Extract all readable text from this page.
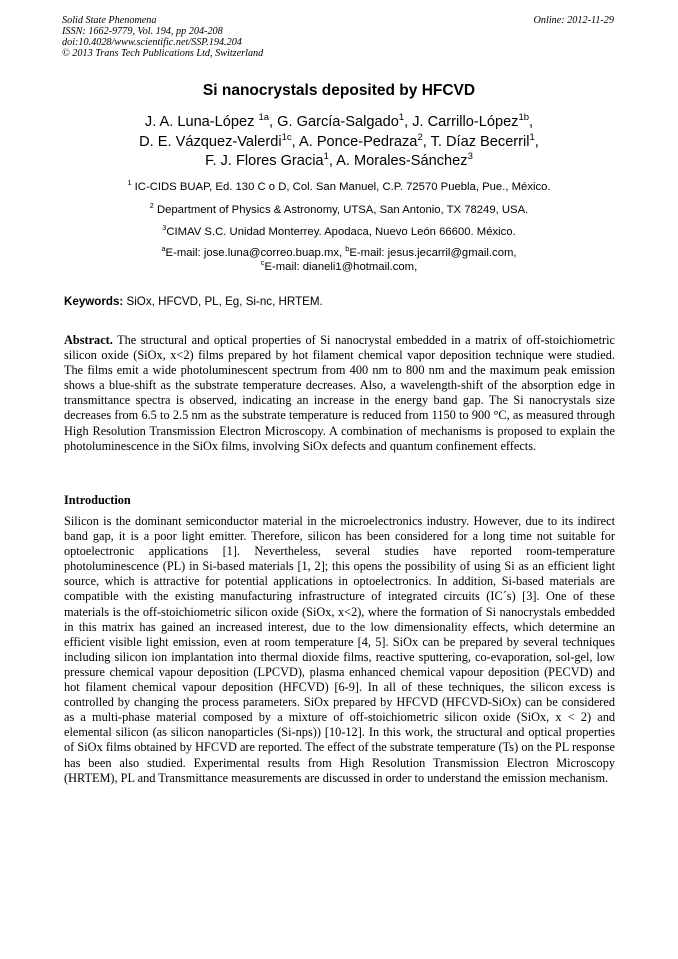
Solid State Phenomena
ISSN: 1662-9779, Vol. 194, pp 204-208
doi:10.4028/www.scientific.net/SSP.194.204
© 2013 Trans Tech Publications Ltd, Switzerland
Online: 2012-11-29
Si nanocrystals deposited by HFCVD
J. A. Luna-López $^{1a}$, G. García-Salgado$^1$, J. Carrillo-López$^{1b}$,
D. E. Vázquez-Valerdi$^{1c}$, A. Ponce-Pedraza$^2$, T. Díaz Becerril$^1$,
F. J. Flores Gracia$^1$, A. Morales-Sánchez$^3$
$^1$ IC-CIDS BUAP, Ed. 130 C o D, Col. San Manuel, C.P. 72570 Puebla, Pue., México.
$^2$ Department of Physics & Astronomy, UTSA, San Antonio, TX 78249, USA.
$^3$CIMAV S.C. Unidad Monterrey. Apodaca, Nuevo León 66600. México.
$^a$E-mail: jose.luna@correo.buap.mx, $^b$E-mail: jesus.jecarril@gmail.com,
$^c$E-mail: dianeli1@hotmail.com,
Keywords: SiOx, HFCVD, PL, Eg, Si-nc, HRTEM.
Abstract. The structural and optical properties of Si nanocrystal embedded in a matrix of off-stoichiometric silicon oxide (SiOx, x<2) films prepared by hot filament chemical vapor deposition technique were studied. The films emit a wide photoluminescent spectrum from 400 nm to 800 nm and the maximum peak emission shows a blue-shift as the substrate temperature decreases. Also, a wavelength-shift of the absorption edge in transmittance spectra is observed, indicating an increase in the energy band gap. The Si nanocrystals size decreases from 6.5 to 2.5 nm as the substrate temperature is reduced from 1150 to 900 °C, as measured through High Resolution Transmission Electron Microscopy. A combination of mechanisms is proposed to explain the photoluminescence in the SiOx films, involving SiOx defects and quantum confinement effects.
Introduction
Silicon is the dominant semiconductor material in the microelectronics industry. However, due to its indirect band gap, it is a poor light emitter. Therefore, silicon has been considered for a long time not suitable for optoelectronic applications [1]. Nevertheless, several studies have reported room-temperature photoluminescence (PL) in Si-based materials [1, 2]; this opens the possibility of using Si as an efficient light source, which is attractive for potential applications in optoelectronics. In addition, Si-based materials are compatible with the existing manufacturing infrastructure of integrated circuits (IC´s) [3]. One of these materials is the off-stoichiometric silicon oxide (SiOx, x<2), where the formation of Si nanocrystals embedded in this matrix has gained an increased interest, due to the low dimensionality effects, which determine an efficient visible light emission, even at room temperature [4, 5]. SiOx can be prepared by several techniques including silicon ion implantation into thermal dioxide films, reactive sputtering, co-evaporation, sol-gel, low pressure chemical vapour deposition (LPCVD), plasma enhanced chemical vapour deposition (PECVD) and hot filament chemical vapour deposition (HFCVD) [6-9]. In all of these techniques, the silicon excess is controlled by changing the process parameters. SiOx prepared by HFCVD (HFCVD-SiOx) can be considered as a multi-phase material composed by a mixture of off-stoichiometric silicon oxide (SiOx, x < 2) and elemental silicon (as silicon nanoparticles (Si-nps)) [10-12]. In this work, the structural and optical properties of SiOx films obtained by HFCVD are reported. The effect of the substrate temperature (Ts) on the PL response has been also studied. Experimental results from High Resolution Transmission Electron Microscopy (HRTEM), PL and Transmittance measurements are discussed in order to understand the emission mechanism.
